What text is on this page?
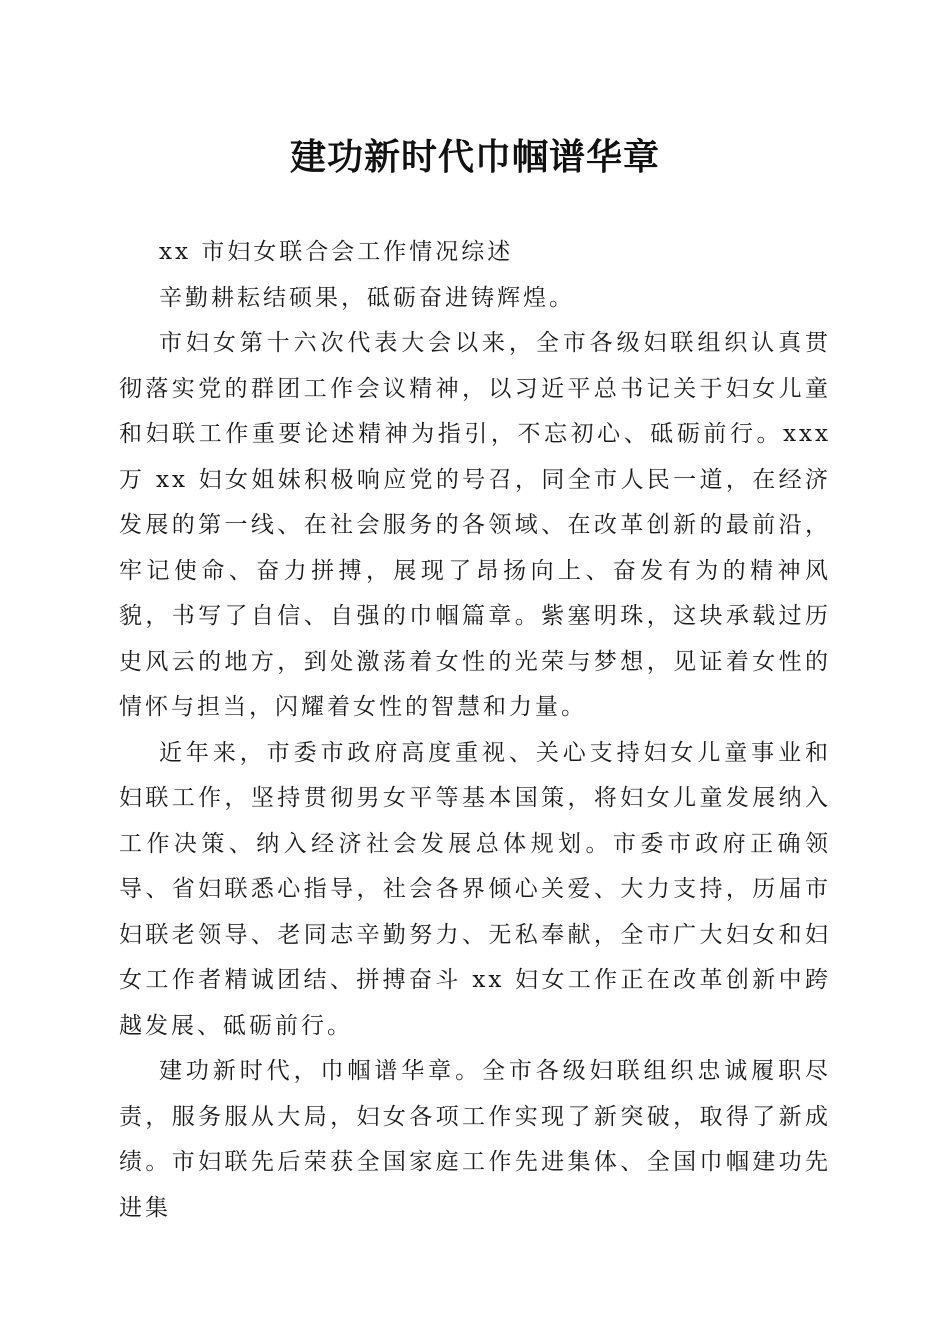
建功新时代巾帼谱华章

xx 市妇女联合会工作情况综述

辛勤耕耘结硕果，砥砺奋进铸辉煌。

市妇女第十六次代表大会以来，全市各级妇联组织认真贯彻落实党的群团工作会议精神，以习近平总书记关于妇女儿童和妇联工作重要论述精神为指引，不忘初心、砥砺前行。xxx 万 xx 妇女姐妹积极响应党的号召，同全市人民一道，在经济发展的第一线、在社会服务的各领域、在改革创新的最前沿，牢记使命、奋力拼搏，展现了昂扬向上、奋发有为的精神风貌，书写了自信、自强的巾帼篇章。紫塞明珠，这块承载过历史风云的地方，到处激荡着女性的光荣与梦想，见证着女性的情怀与担当，闪耀着女性的智慧和力量。

近年来，市委市政府高度重视、关心支持妇女儿童事业和妇联工作，坚持贯彻男女平等基本国策，将妇女儿童发展纳入工作决策、纳入经济社会发展总体规划。市委市政府正确领导、省妇联悉心指导，社会各界倾心关爱、大力支持，历届市妇联老领导、老同志辛勤努力、无私奉献，全市广大妇女和妇女工作者精诚团结、拼搏奋斗 xx 妇女工作正在改革创新中跨越发展、砥砺前行。

建功新时代，巾帼谱华章。全市各级妇联组织忠诚履职尽责，服务服从大局，妇女各项工作实现了新突破，取得了新成绩。市妇联先后荣获全国家庭工作先进集体、全国巾帼建功先进集
